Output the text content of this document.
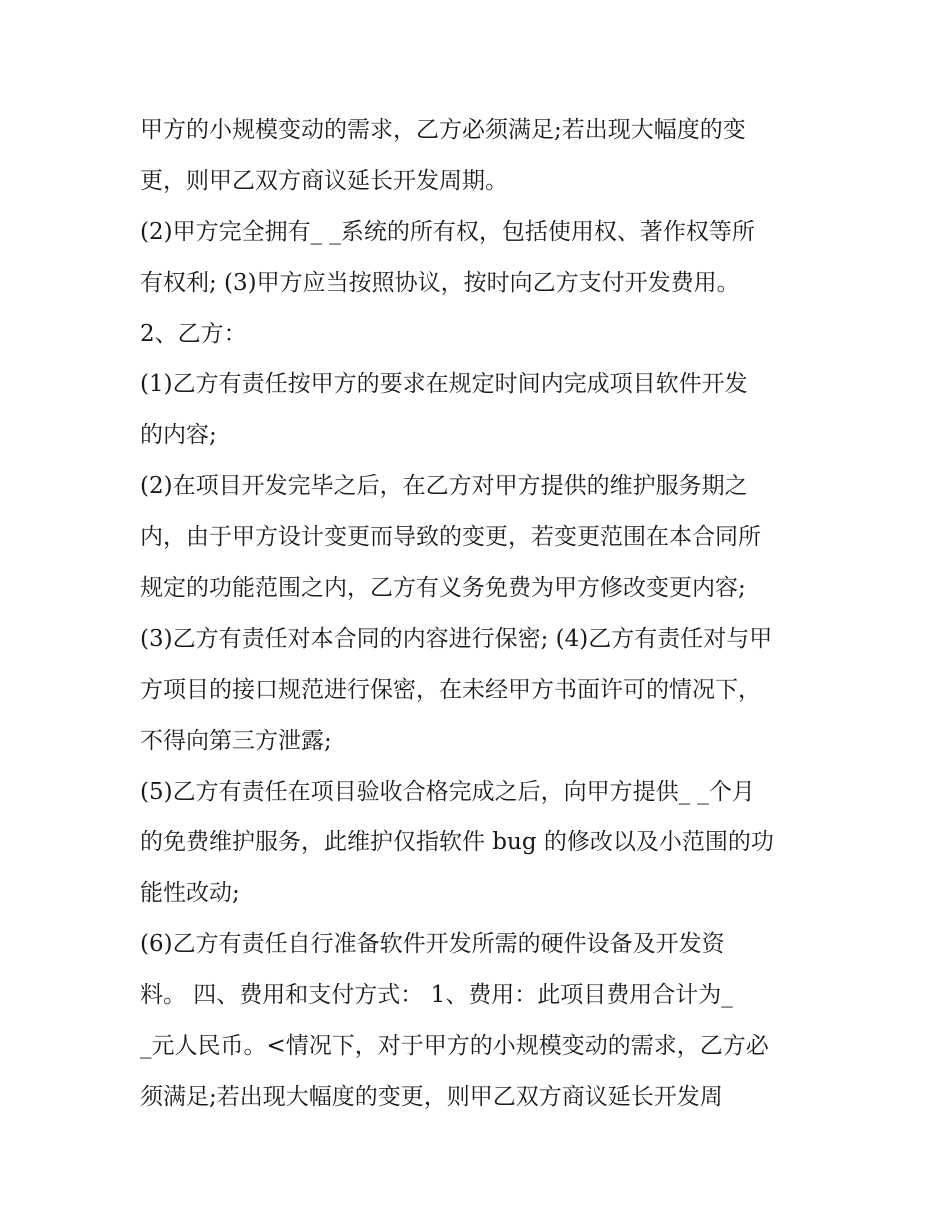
甲方的小规模变动的需求，乙方必须满足;若出现大幅度的变
更，则甲乙双方商议延长开发周期。
(2)甲方完全拥有_ _系统的所有权，包括使用权、著作权等所
有权利; (3)甲方应当按照协议，按时向乙方支付开发费用。
2、乙方：
(1)乙方有责任按甲方的要求在规定时间内完成项目软件开发
的内容;
(2)在项目开发完毕之后，在乙方对甲方提供的维护服务期之
内，由于甲方设计变更而导致的变更，若变更范围在本合同所
规定的功能范围之内，乙方有义务免费为甲方修改变更内容;
(3)乙方有责任对本合同的内容进行保密; (4)乙方有责任对与甲
方项目的接口规范进行保密，在未经甲方书面许可的情况下，
不得向第三方泄露;
(5)乙方有责任在项目验收合格完成之后，向甲方提供_ _个月
的免费维护服务，此维护仅指软件 bug 的修改以及小范围的功
能性改动;
(6)乙方有责任自行准备软件开发所需的硬件设备及开发资
料。 四、费用和支付方式： 1、费用：此项目费用合计为_
_元人民币。<情况下，对于甲方的小规模变动的需求，乙方必
须满足;若出现大幅度的变更，则甲乙双方商议延长开发周
